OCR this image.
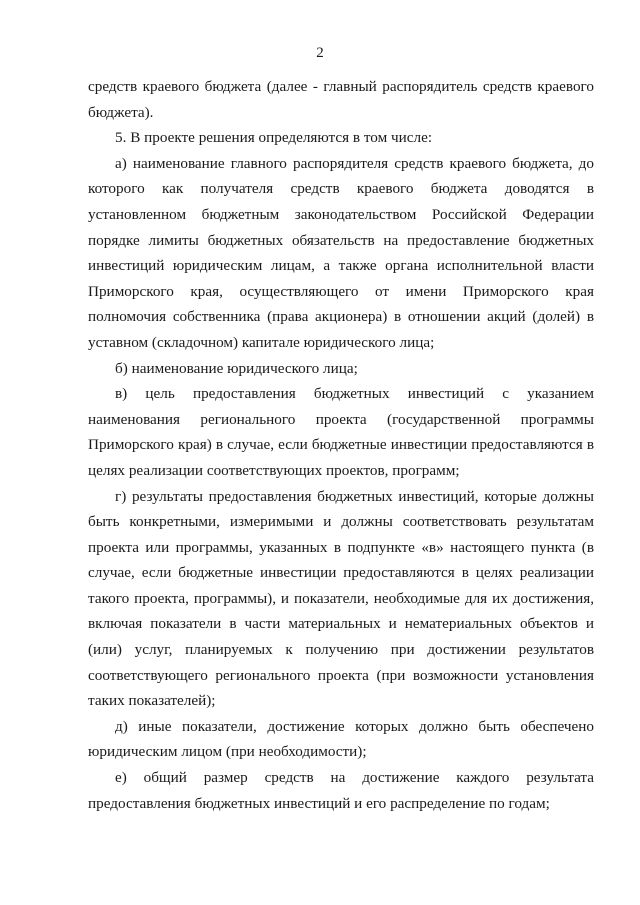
2

средств краевого бюджета (далее - главный распорядитель средств краевого бюджета).

5. В проекте решения определяются в том числе:

а) наименование главного распорядителя средств краевого бюджета, до которого как получателя средств краевого бюджета доводятся в установленном бюджетным законодательством Российской Федерации порядке лимиты бюджетных обязательств на предоставление бюджетных инвестиций юридическим лицам, а также органа исполнительной власти Приморского края, осуществляющего от имени Приморского края полномочия собственника (права акционера) в отношении акций (долей) в уставном (складочном) капитале юридического лица;

б) наименование юридического лица;

в) цель предоставления бюджетных инвестиций с указанием наименования регионального проекта (государственной программы Приморского края) в случае, если бюджетные инвестиции предоставляются в целях реализации соответствующих проектов, программ;

г) результаты предоставления бюджетных инвестиций, которые должны быть конкретными, измеримыми и должны соответствовать результатам проекта или программы, указанных в подпункте «в» настоящего пункта (в случае, если бюджетные инвестиции предоставляются в целях реализации такого проекта, программы), и показатели, необходимые для их достижения, включая показатели в части материальных и нематериальных объектов и (или) услуг, планируемых к получению при достижении результатов соответствующего регионального проекта (при возможности установления таких показателей);

д) иные показатели, достижение которых должно быть обеспечено юридическим лицом (при необходимости);

е) общий размер средств на достижение каждого результата предоставления бюджетных инвестиций и его распределение по годам;
